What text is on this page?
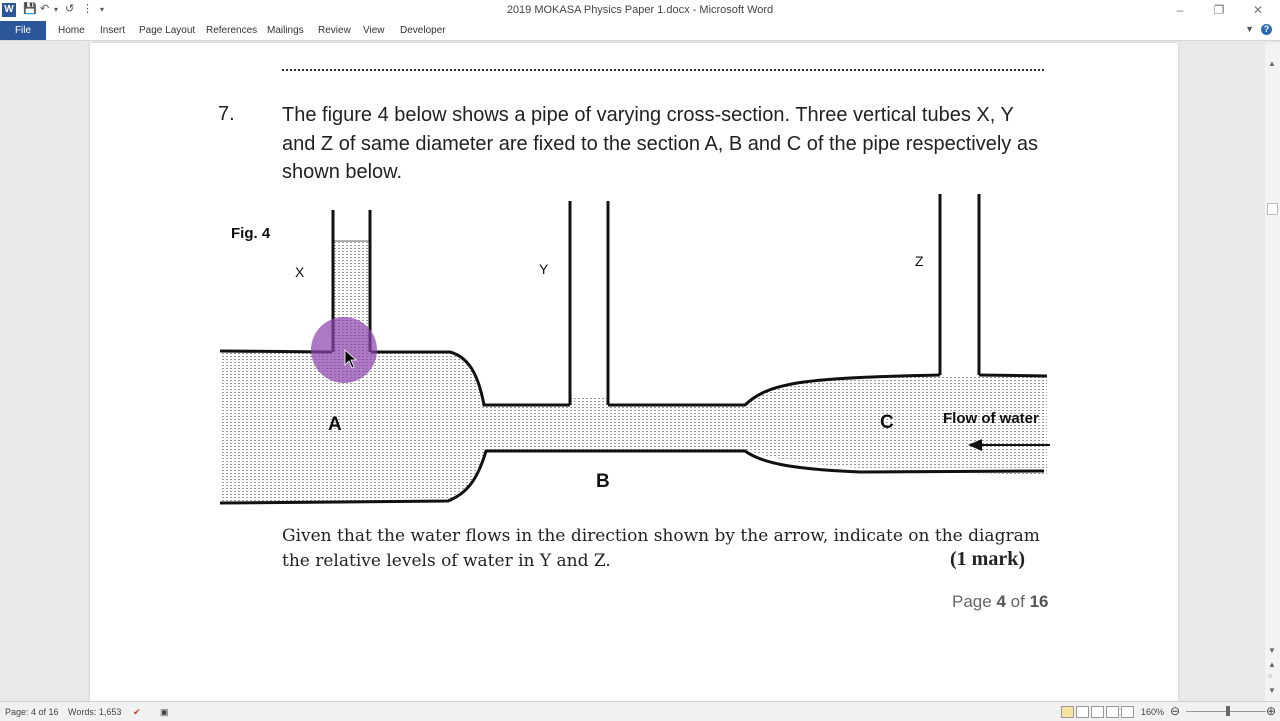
W 💾 ↶ ▾ ↺ ⋮ ▾	2019 MOKASA Physics Paper 1.docx - Microsoft Word	–	❐ ✕
File	Home Insert Page Layout References Mailings Review View Developer	▼	?
7. The figure 4 below shows a pipe of varying cross-section. Three vertical tubes X, Y and Z of same diameter are fixed to the section A, B and C of the pipe respectively as shown below.
Fig. 4
X	Y	Z
A
B
C	Flow of water
Given that the water flows in the direction shown by the arrow, indicate on the diagram the relative levels of water in Y and Z.	(1 mark)
Page 4 of 16
▲
▼
▲
○
▼
Page: 4 of 16 Words: 1,653 ✔ ▣	160% ⊖	⊕
